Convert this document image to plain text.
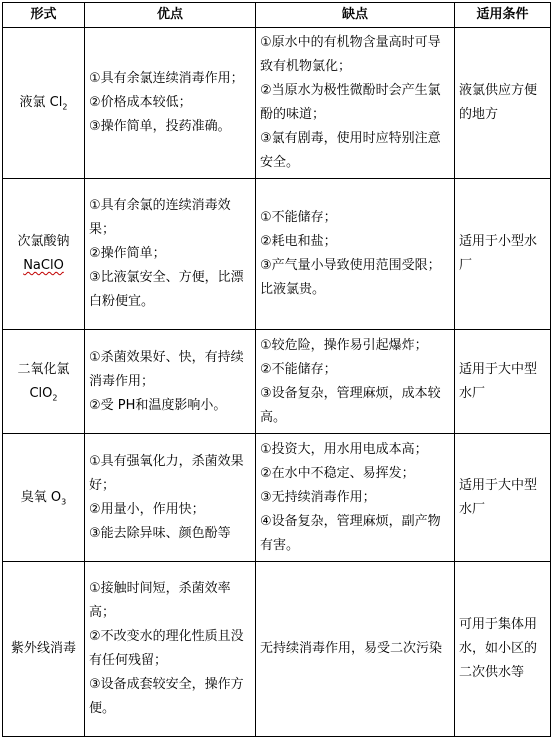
形式	优点	缺点	适用条件
液氯 $Cl_2$	①具有余氯连续消毒作用；
②价格成本较低；
③操作简单，投药准确。	①原水中的有机物含量高时可导致有机物氯化；
②当原水为极性微酚时会产生氯酚的味道；
③氯有剧毒，使用时应特别注意安全。	液氯供应方便的地方

次氯酸钠
NaClO	①具有余氯的连续消毒效果；
②操作简单；
③比液氯安全、方便，比漂白粉便宜。	①不能储存；
②耗电和盐；
③产气量小导致使用范围受限；比液氯贵。	适用于小型水厂

二氧化氯
ClO$_2$	①杀菌效果好、快，有持续消毒作用；
②受 PH和温度影响小。	①较危险，操作易引起爆炸；
②不能储存；
③设备复杂，管理麻烦，成本较高。	适用于大中型水厂
臭氧 $O_3$	①具有强氧化力，杀菌效果好；
②用量小，作用快；
③能去除异味、颜色酚等	①投资大，用水用电成本高；
②在水中不稳定、易挥发；
③无持续消毒作用；
④设备复杂，管理麻烦，副产物有害。	适用于大中型水厂
紫外线消毒	①接触时间短，杀菌效率高；
②不改变水的理化性质且没有任何残留；
③设备成套较安全，操作方便。	无持续消毒作用，易受二次污染	可用于集体用水，如小区的二次供水等
